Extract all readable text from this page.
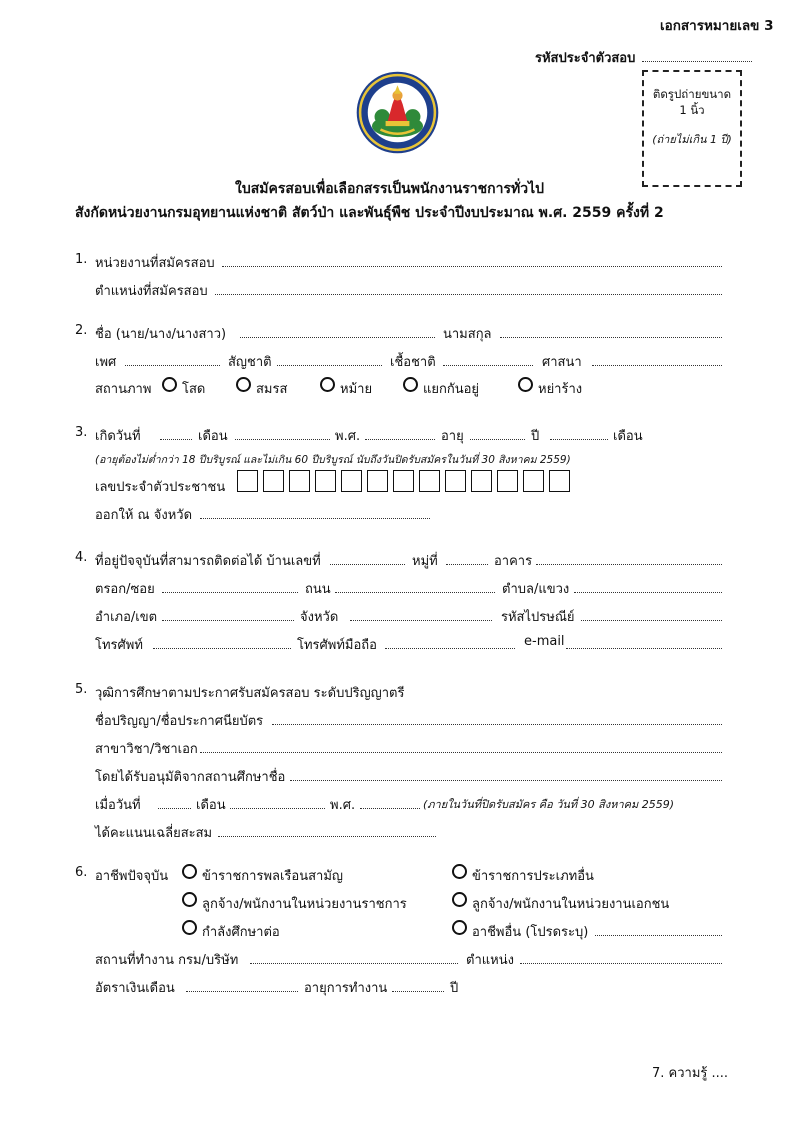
เอกสารหมายเลข 3
รหัสประจำตัวสอบ
ติดรูปถ่ายขนาด
1 นิ้ว
(ถ่ายไม่เกิน 1 ปี)
ใบสมัครสอบเพื่อเลือกสรรเป็นพนักงานราชการทั่วไป
สังกัดหน่วยงานกรมอุทยานแห่งชาติ สัตว์ป่า และพันธุ์พืช ประจำปีงบประมาณ พ.ศ. 2559 ครั้งที่ 2
1. หน่วยงานที่สมัครสอบ
ตำแหน่งที่สมัครสอบ
2. ชื่อ (นาย/นาง/นางสาว)	นามสกุล
เพศ	สัญชาติ	เชื้อชาติ	ศาสนา
สถานภาพ โสด	สมรส	หม้าย	แยกกันอยู่	หย่าร้าง
3. เกิดวันที่	เดือน	พ.ศ.	อายุ	ปี	เดือน
(อายุต้องไม่ต่ำกว่า 18 ปีบริบูรณ์ และไม่เกิน 60 ปีบริบูรณ์ นับถึงวันปิดรับสมัครในวันที่ 30 สิงหาคม 2559)
เลขประจำตัวประชาชน
ออกให้ ณ จังหวัด
4. ที่อยู่ปัจจุบันที่สามารถติดต่อได้ บ้านเลขที่	หมู่ที่	อาคาร
ตรอก/ซอย	ถนน	ตำบล/แขวง
อำเภอ/เขต	จังหวัด	รหัสไปรษณีย์
โทรศัพท์	โทรศัพท์มือถือ	e-mail
5. วุฒิการศึกษาตามประกาศรับสมัครสอบ ระดับปริญญาตรี
ชื่อปริญญา/ชื่อประกาศนียบัตร
สาขาวิชา/วิชาเอก
โดยได้รับอนุมัติจากสถานศึกษาชื่อ
เมื่อวันที่	เดือน	พ.ศ.	(ภายในวันที่ปิดรับสมัคร คือ วันที่ 30 สิงหาคม 2559)
ได้คะแนนเฉลี่ยสะสม
6. อาชีพปัจจุบัน	ข้าราชการพลเรือนสามัญ	ข้าราชการประเภทอื่น
ลูกจ้าง/พนักงานในหน่วยงานราชการ	ลูกจ้าง/พนักงานในหน่วยงานเอกชน
กำลังศึกษาต่อ	อาชีพอื่น (โปรดระบุ)
สถานที่ทำงาน กรม/บริษัท	ตำแหน่ง
อัตราเงินเดือน	อายุการทำงาน	ปี
7. ความรู้ ....
